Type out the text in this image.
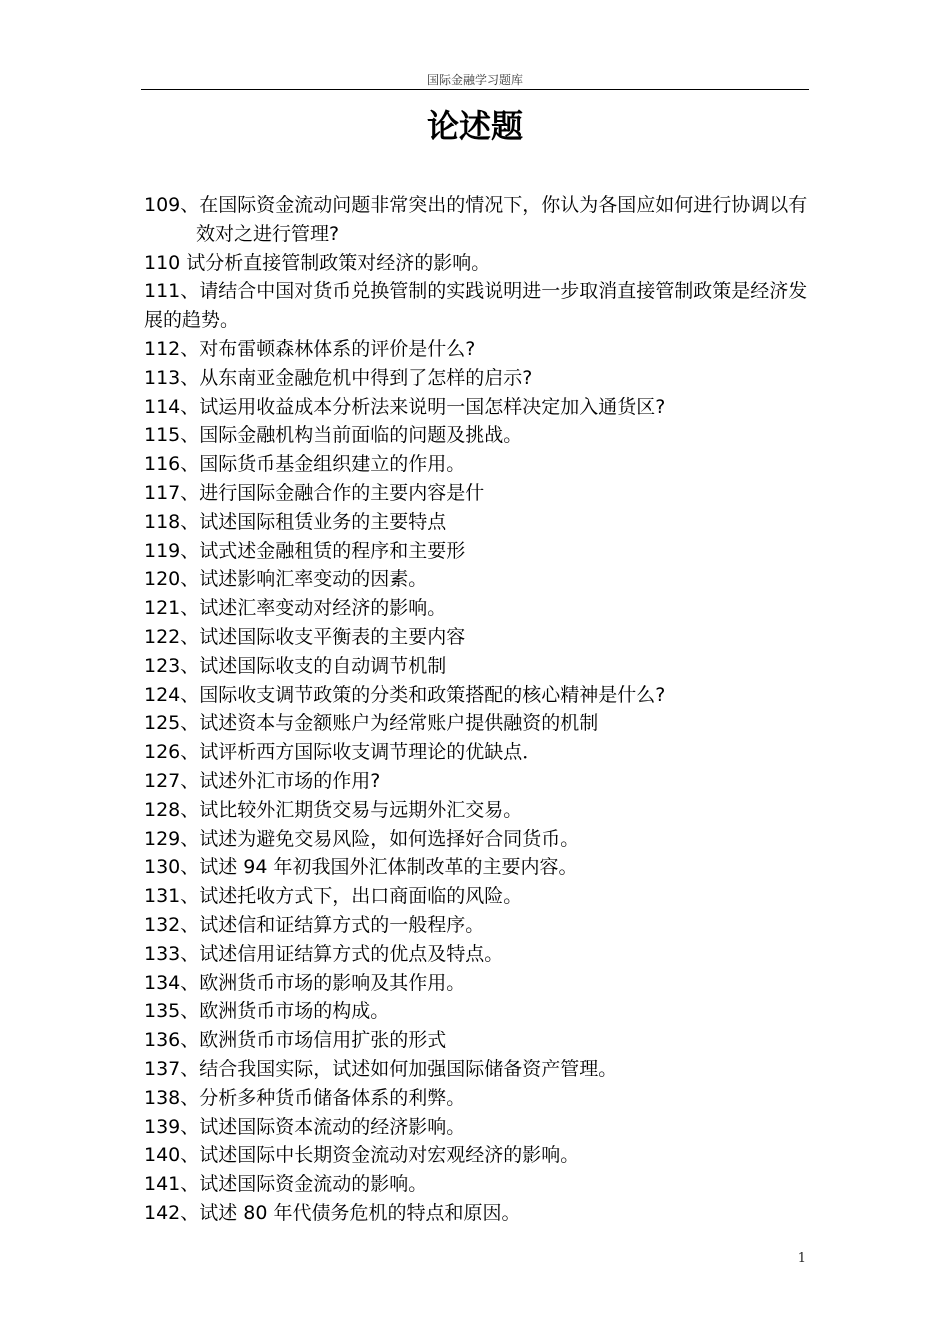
国际金融学习题库
论述题
109、在国际资金流动问题非常突出的情况下，你认为各国应如何进行协调以有效对之进行管理?
110 试分析直接管制政策对经济的影响。
111、请结合中国对货币兑换管制的实践说明进一步取消直接管制政策是经济发展的趋势。
112、对布雷顿森林体系的评价是什么?
113、从东南亚金融危机中得到了怎样的启示?
114、试运用收益成本分析法来说明一国怎样决定加入通货区?
115、国际金融机构当前面临的问题及挑战。
116、国际货币基金组织建立的作用。
117、进行国际金融合作的主要内容是什
118、试述国际租赁业务的主要特点
119、试式述金融租赁的程序和主要形
120、试述影响汇率变动的因素。
121、试述汇率变动对经济的影响。
122、试述国际收支平衡表的主要内容
123、试述国际收支的自动调节机制
124、国际收支调节政策的分类和政策搭配的核心精神是什么?
125、试述资本与金额账户为经常账户提供融资的机制
126、试评析西方国际收支调节理论的优缺点．
127、试述外汇市场的作用?
128、试比较外汇期货交易与远期外汇交易。
129、试述为避免交易风险，如何选择好合同货币。
130、试述 94 年初我国外汇体制改革的主要内容。
131、试述托收方式下，出口商面临的风险。
132、试述信和证结算方式的一般程序。
133、试述信用证结算方式的优点及特点。
134、欧洲货币市场的影响及其作用。
135、欧洲货币市场的构成。
136、欧洲货币市场信用扩张的形式
137、结合我国实际，试述如何加强国际储备资产管理。
138、分析多种货币储备体系的利弊。
139、试述国际资本流动的经济影响。
140、试述国际中长期资金流动对宏观经济的影响。
141、试述国际资金流动的影响。
142、试述 80 年代债务危机的特点和原因。
1
